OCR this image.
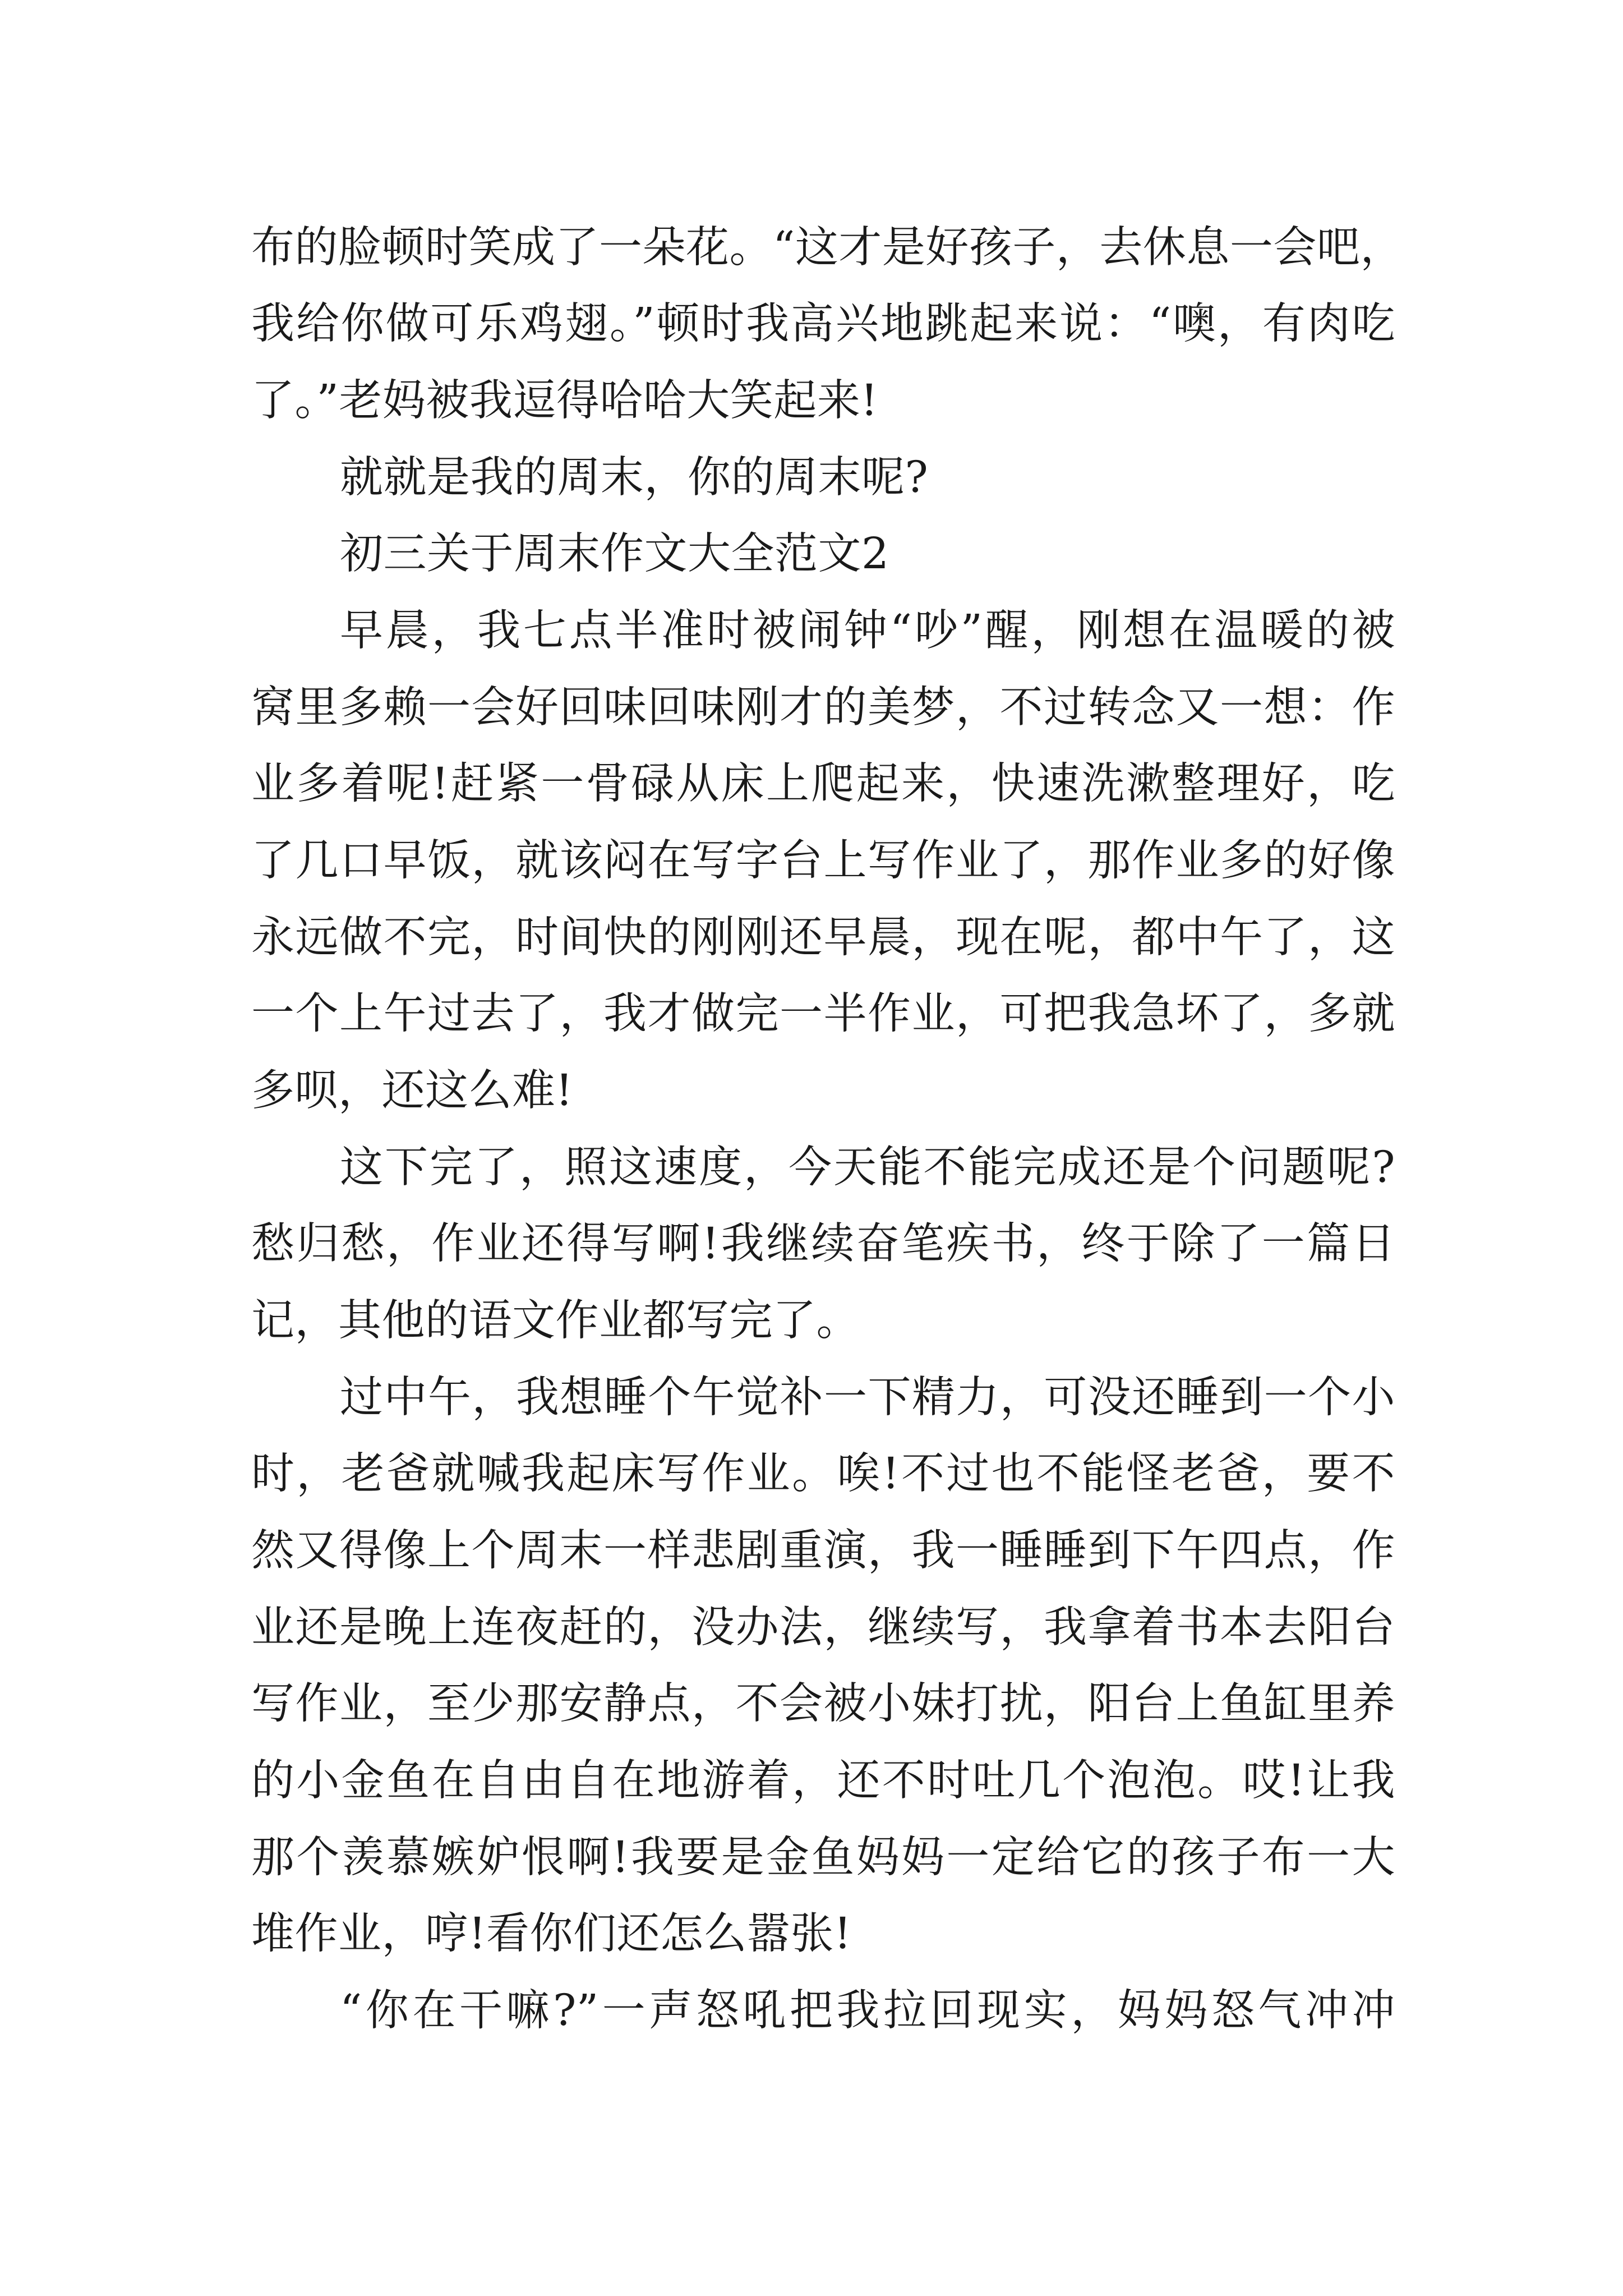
布的脸顿时笑成了一朵花。“这才是好孩子，去休息一会吧，
我给你做可乐鸡翅。”顿时我高兴地跳起来说：“噢，有肉吃
了。”老妈被我逗得哈哈大笑起来!
就就是我的周末，你的周末呢?
初三关于周末作文大全范文2
早晨，我七点半准时被闹钟“吵”醒，刚想在温暖的被
窝里多赖一会好回味回味刚才的美梦，不过转念又一想：作
业多着呢!赶紧一骨碌从床上爬起来，快速洗漱整理好，吃
了几口早饭，就该闷在写字台上写作业了，那作业多的好像
永远做不完，时间快的刚刚还早晨，现在呢，都中午了，这
一个上午过去了，我才做完一半作业，可把我急坏了，多就
多呗，还这么难!
这下完了，照这速度，今天能不能完成还是个问题呢?
愁归愁，作业还得写啊!我继续奋笔疾书，终于除了一篇日
记，其他的语文作业都写完了。
过中午，我想睡个午觉补一下精力，可没还睡到一个小
时，老爸就喊我起床写作业。唉!不过也不能怪老爸，要不
然又得像上个周末一样悲剧重演，我一睡睡到下午四点，作
业还是晚上连夜赶的，没办法，继续写，我拿着书本去阳台
写作业，至少那安静点，不会被小妹打扰，阳台上鱼缸里养
的小金鱼在自由自在地游着，还不时吐几个泡泡。哎!让我
那个羡慕嫉妒恨啊!我要是金鱼妈妈一定给它的孩子布一大
堆作业，哼!看你们还怎么嚣张!
“你在干嘛?”一声怒吼把我拉回现实，妈妈怒气冲冲
